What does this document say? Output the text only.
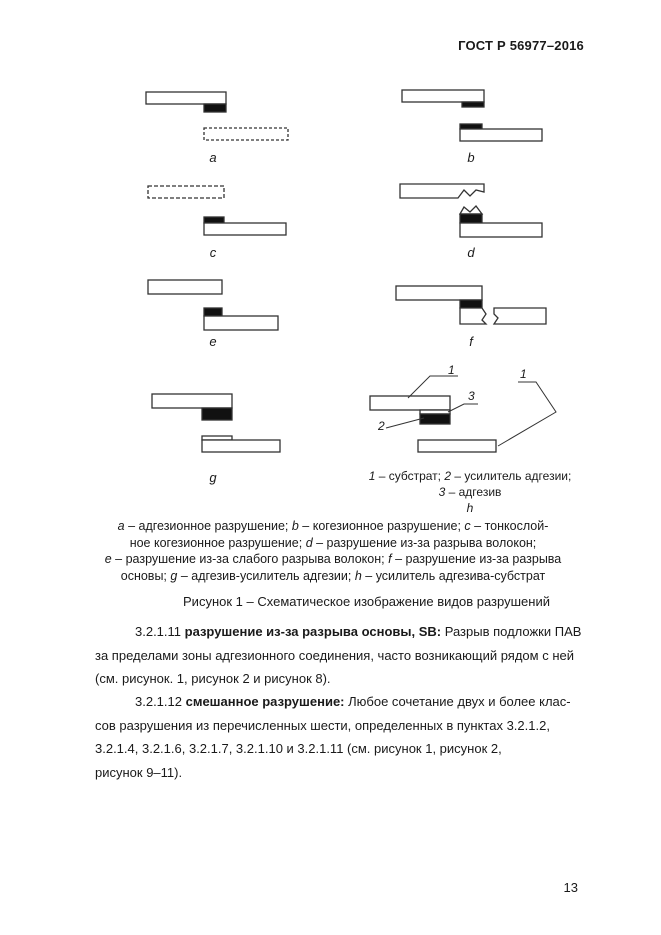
ГОСТ Р 56977–2016
1	1
2
3
a	b
c	d
e	f
g	1 – субстрат; 2 – усилитель адгезии;
3 – адгезив
h
a – адгезионное разрушение; b – когезионное разрушение; c – тонкослой-
ное когезионное разрушение; d – разрушение из-за разрыва волокон;
e – разрушение из-за слабого разрыва волокон; f – разрушение из-за разрыва
основы; g – адгезив-усилитель адгезии; h – усилитель адгезива-субстрат
Рисунок 1 – Схематическое изображение видов разрушений
3.2.1.11 разрушение из-за разрыва основы, SB: Разрыв подложки ПАВ
за пределами зоны адгезионного соединения, часто возникающий рядом с ней
(см. рисунок. 1, рисунок 2 и рисунок 8).
3.2.1.12 смешанное разрушение: Любое сочетание двух и более клас-
сов разрушения из перечисленных шести, определенных в пунктах 3.2.1.2,
3.2.1.4, 3.2.1.6, 3.2.1.7, 3.2.1.10 и 3.2.1.11 (см. рисунок 1, рисунок 2,
рисунок 9–11).
13
